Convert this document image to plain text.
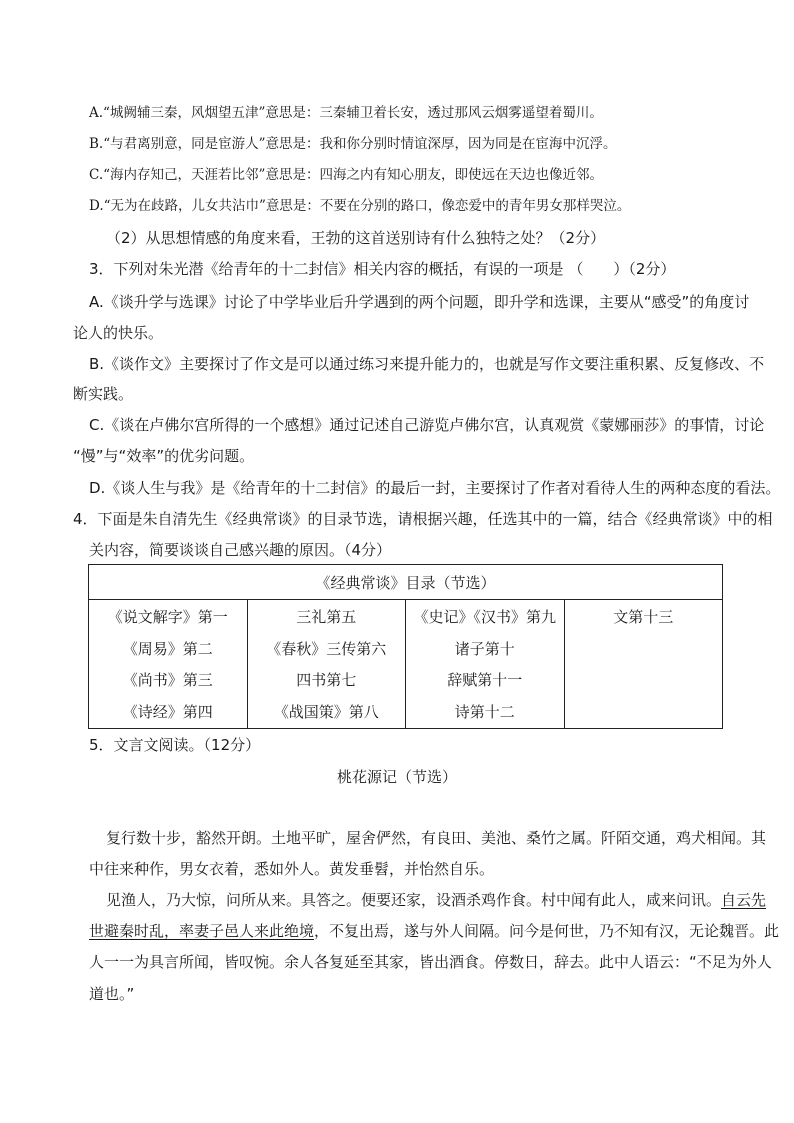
A.“城阙辅三秦，风烟望五津”意思是：三秦辅卫着长安，透过那风云烟雾遥望着蜀川。
B.“与君离别意，同是宦游人”意思是：我和你分别时情谊深厚，因为同是在宦海中沉浮。
C.“海内存知己，天涯若比邻”意思是：四海之内有知心朋友，即使远在天边也像近邻。
D.“无为在歧路，儿女共沾巾”意思是：不要在分别的路口，像恋爱中的青年男女那样哭泣。
（2）从思想情感的角度来看，王勃的这首送别诗有什么独特之处？（2分）
3．下列对朱光潜《给青年的十二封信》相关内容的概括，有误的一项是 （　　）（2分）
A.《谈升学与选课》讨论了中学毕业后升学遇到的两个问题，即升学和选课，主要从“感受”的角度讨
论人的快乐。
B.《谈作文》主要探讨了作文是可以通过练习来提升能力的，也就是写作文要注重积累、反复修改、不
断实践。
C.《谈在卢佛尔宫所得的一个感想》通过记述自己游览卢佛尔宫，认真观赏《蒙娜丽莎》的事情，讨论
“慢”与“效率”的优劣问题。
D.《谈人生与我》是《给青年的十二封信》的最后一封，主要探讨了作者对看待人生的两种态度的看法。
4．下面是朱自清先生《经典常谈》的目录节选，请根据兴趣，任选其中的一篇，结合《经典常谈》中的相
关内容，简要谈谈自己感兴趣的原因。（4分）
《经典常谈》目录（节选）

《说文解字》第一
《周易》第二
《尚书》第三
《诗经》第四

三礼第五
《春秋》三传第六
四书第七
《战国策》第八

《史记》《汉书》第九
诸子第十
辞赋第十一
诗第十二

文第十三
5．文言文阅读。（12分）
桃花源记（节选）
复行数十步，豁然开朗。土地平旷，屋舍俨然，有良田、美池、桑竹之属。阡陌交通，鸡犬相闻。其
中往来种作，男女衣着，悉如外人。黄发垂髫，并怡然自乐。
见渔人，乃大惊，问所从来。具答之。便要还家，设酒杀鸡作食。村中闻有此人，咸来问讯。自云先
世避秦时乱，率妻子邑人来此绝境，不复出焉，遂与外人间隔。问今是何世，乃不知有汉，无论魏晋。此
人一一为具言所闻，皆叹惋。余人各复延至其家，皆出酒食。停数日，辞去。此中人语云：“不足为外人
道也。”
